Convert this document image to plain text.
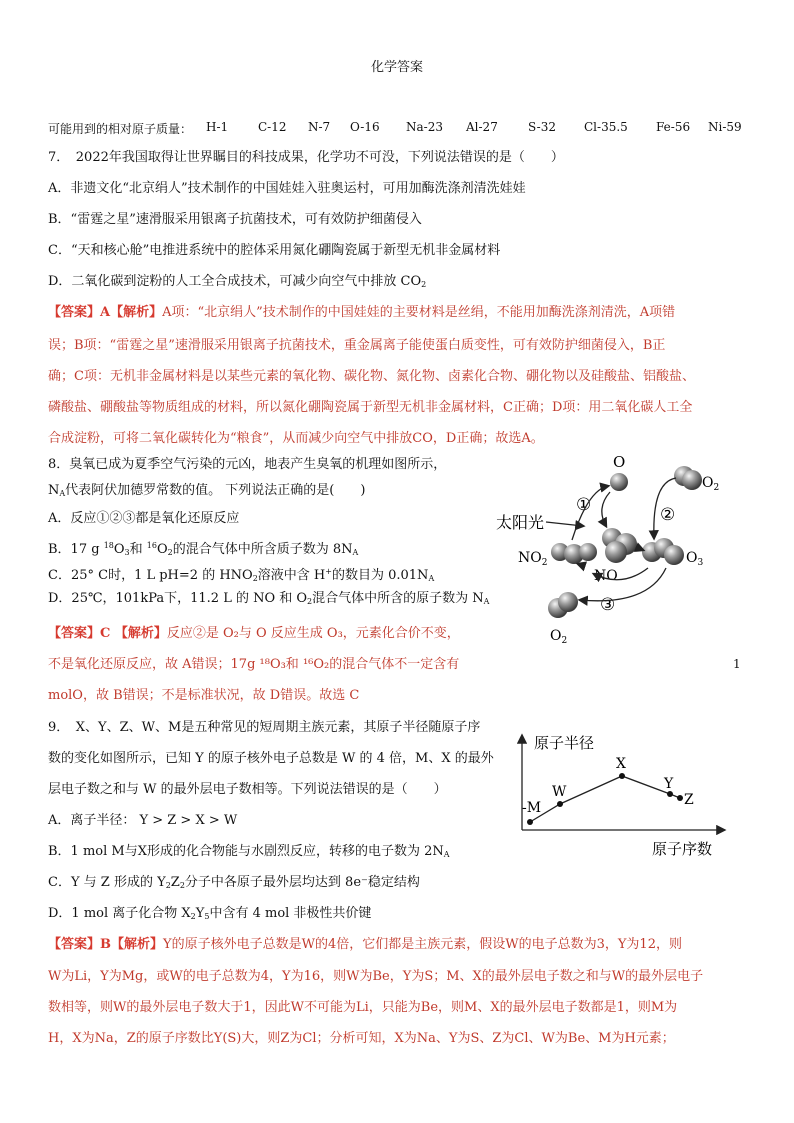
化学答案
可能用到的相对原子质量：	H-1	C-12	N-7	O-16	Na-23	Al-27	S-32	Cl-35.5	Fe-56	Ni-59
7．　2022年我国取得让世界瞩目的科技成果，化学功不可没，下列说法错误的是（　　）
A．非遗文化“北京绢人”技术制作的中国娃娃入驻奥运村，可用加酶洗涤剂清洗娃娃
B．“雷霆之星”速滑服采用银离子抗菌技术，可有效防护细菌侵入
C．“天和核心舱”电推进系统中的腔体采用氮化硼陶瓷属于新型无机非金属材料
D．二氧化碳到淀粉的人工全合成技术，可减少向空气中排放 $CO_2$
【答案】A【解析】A项：“北京绢人”技术制作的中国娃娃的主要材料是丝绢，不能用加酶洗涤剂清洗，A项错
误；B项：“雷霆之星”速滑服采用银离子抗菌技术，重金属离子能使蛋白质变性，可有效防护细菌侵入，B正
确；C项：无机非金属材料是以某些元素的氧化物、碳化物、氮化物、卤素化合物、硼化物以及硅酸盐、铝酸盐、
磷酸盐、硼酸盐等物质组成的材料，所以氮化硼陶瓷属于新型无机非金属材料，C正确；D项：用二氧化碳人工全
合成淀粉，可将二氧化碳转化为“粮食”，从而减少向空气中排放CO，D正确；故选A。
8．臭氧已成为夏季空气污染的元凶，地表产生臭氧的机理如图所示，
$N_A$代表阿伏加德罗常数的值。 下列说法正确的是(　　)
A．反应①②③都是氧化还原反应
B．17 g $^{18}O_3$和 $^{16}O_2$的混合气体中所含质子数为 $8N_A$
C．25° C时，1 L pH=2 的 $HNO_2$溶液中含 H+的数目为 $0.01N_A$
D．25℃，101kPa下，11.2 L 的 NO 和 $O_2$混合气体中所含的原子数为 $N_A$
【答案】C 【解析】反应②是 O₂与 O 反应生成 O₃，元素化合价不变，
不是氧化还原反应，故 A错误；17g ¹⁸O₃和 ¹⁶O₂的混合气体不一定含有	1
molO，故 B错误；不是标准状况，故 D错误。故选 C
O
$O_2$
①	②
③
太阳光
$NO_2$	$O_3$
NO
$O_2$
9．　X、Y、Z、W、M是五种常见的短周期主族元素，其原子半径随原子序
数的变化如图所示，已知 Y 的原子核外电子总数是 W 的 4 倍，M、X 的最外
层电子数之和与 W 的最外层电子数相等。下列说法错误的是（　　）
A．离子半径： Y > Z > X > W
B．1 mol M与X形成的化合物能与水剧烈反应，转移的电子数为 $2N_A$
C．Y 与 Z 形成的 $Y_2Z_2$分子中各原子最外层均达到 8e⁻稳定结构
D．1 mol 离子化合物 $X_2Y_5$中含有 4 mol 非极性共价键
【答案】B【解析】Y的原子核外电子总数是W的4倍，它们都是主族元素，假设W的电子总数为3，Y为12，则
W为Li，Y为Mg，或W的电子总数为4，Y为16，则W为Be，Y为S；M、X的最外层电子数之和与W的最外层电子
数相等，则W的最外层电子数大于1，因此W不可能为Li，只能为Be，则M、X的最外层电子数都是1，则M为
H，X为Na，Z的原子序数比Y(S)大，则Z为Cl；分析可知，X为Na、Y为S、Z为Cl、W为Be、M为H元素；
原子半径
原子序数
-M
W
X
Y
Z
